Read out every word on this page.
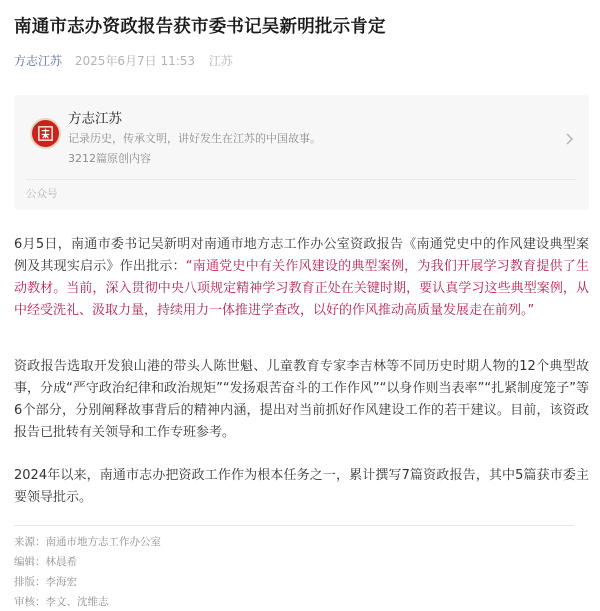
南通市志办资政报告获市委书记吴新明批示肯定
方志江苏 2025年6月7日 11:53 江苏
方志江苏
记录历史，传承文明，讲好发生在江苏的中国故事。
3212篇原创内容
公众号

6月5日，南通市委书记吴新明对南通市地方志工作办公室资政报告《南通党史中的作风建设典型案例及其现实启示》作出批示：“南通党史中有关作风建设的典型案例，为我们开展学习教育提供了生动教材。当前，深入贯彻中央八项规定精神学习教育正处在关键时期，要认真学习这些典型案例，从中经受洗礼、汲取力量，持续用力一体推进学查改，以好的作风推动高质量发展走在前列。”

资政报告选取开发狼山港的带头人陈世魁、儿童教育专家李吉林等不同历史时期人物的12个典型故事，分成“严守政治纪律和政治规矩”“发扬艰苦奋斗的工作作风”“以身作则当表率”“扎紧制度笼子”等6个部分，分别阐释故事背后的精神内涵，提出对当前抓好作风建设工作的若干建议。目前，该资政报告已批转有关领导和工作专班参考。

2024年以来，南通市志办把资政工作作为根本任务之一，累计撰写7篇资政报告，其中5篇获市委主要领导批示。

来源：南通市地方志工作办公室
编辑：林晨希
排版：李海宏
审核：李文、沈维志
